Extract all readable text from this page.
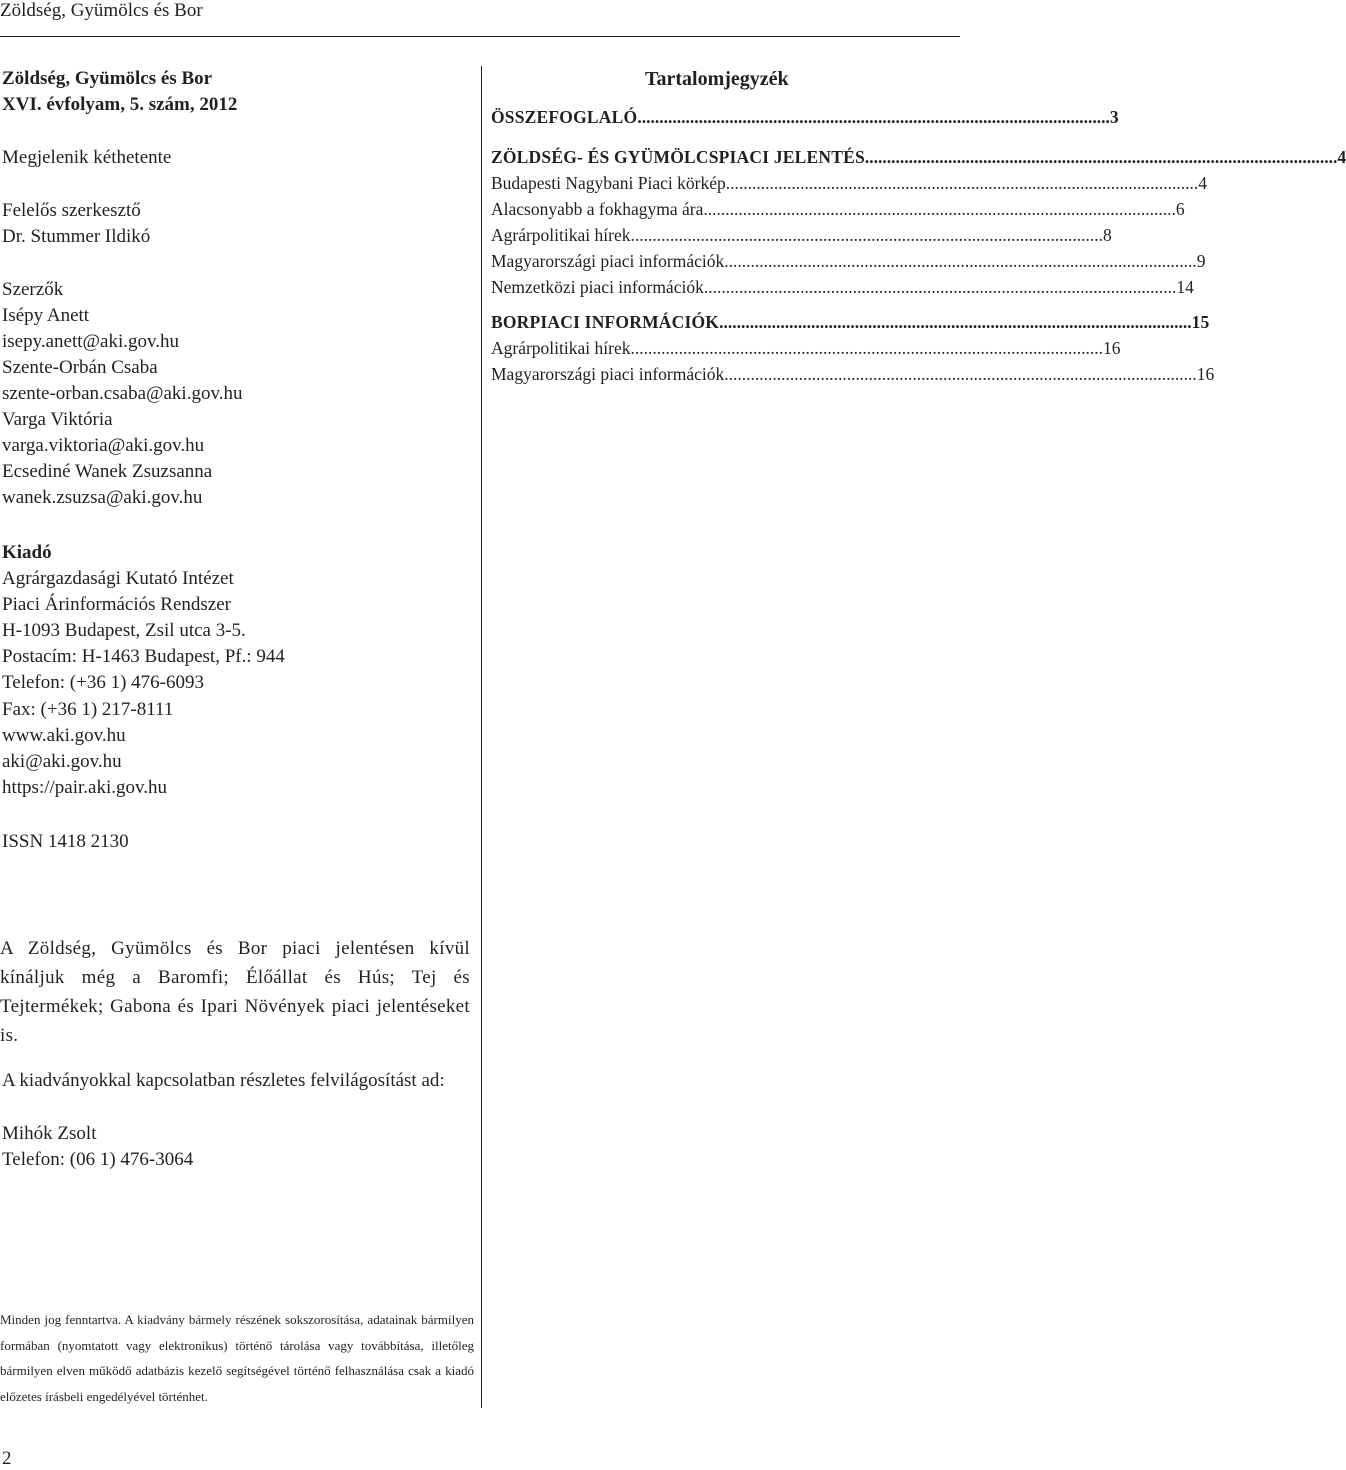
Zöldség, Gyümölcs és Bor
Zöldség, Gyümölcs és Bor
XVI. évfolyam, 5. szám, 2012
Megjelenik kéthetente
Felelős szerkesztő
Dr. Stummer Ildikó
Szerzők
Isépy Anett
isepy.anett@aki.gov.hu
Szente-Orbán Csaba
szente-orban.csaba@aki.gov.hu
Varga Viktória
varga.viktoria@aki.gov.hu
Ecsediné Wanek Zsuzsanna
wanek.zsuzsa@aki.gov.hu
Kiadó
Agrárgazdasági Kutató Intézet
Piaci Árinformációs Rendszer
H-1093 Budapest, Zsil utca 3-5.
Postacím: H-1463 Budapest, Pf.: 944
Telefon: (+36 1) 476-6093
Fax: (+36 1) 217-8111
www.aki.gov.hu
aki@aki.gov.hu
https://pair.aki.gov.hu
ISSN 1418 2130
A Zöldség, Gyümölcs és Bor piaci jelentésen kívül kínáljuk még a Baromfi; Élőállat és Hús; Tej és Tejtermékek; Gabona és Ipari Növények piaci jelentéseket is.
A kiadványokkal kapcsolatban részletes felvilágosítást ad:
Mihók Zsolt
Telefon: (06 1) 476-3064
Minden jog fenntartva. A kiadvány bármely részének sokszorosítása, adatainak bármilyen formában (nyomtatott vagy elektronikus) történő tárolása vagy továbbítása, illetőleg bármilyen elven működő adatbázis kezelő segítségével történő felhasználása csak a kiadó előzetes írásbeli engedélyével történhet.
2
Tartalomjegyzék
ÖSSZEFOGLALÓ ............................................................................................................ 3
ZÖLDSÉG- ÉS GYÜMÖLCSPIACI JELENTÉS ............................................................................................................ 4
Budapesti Nagybani Piaci körkép ............................................................................................................ 4
Alacsonyabb a fokhagyma ára ............................................................................................................ 6
Agrárpolitikai hírek ............................................................................................................ 8
Magyarországi piaci információk ............................................................................................................ 9
Nemzetközi piaci információk ............................................................................................................ 14
BORPIACI INFORMÁCIÓK ............................................................................................................ 15
Agrárpolitikai hírek ............................................................................................................ 16
Magyarországi piaci információk ............................................................................................................ 16
